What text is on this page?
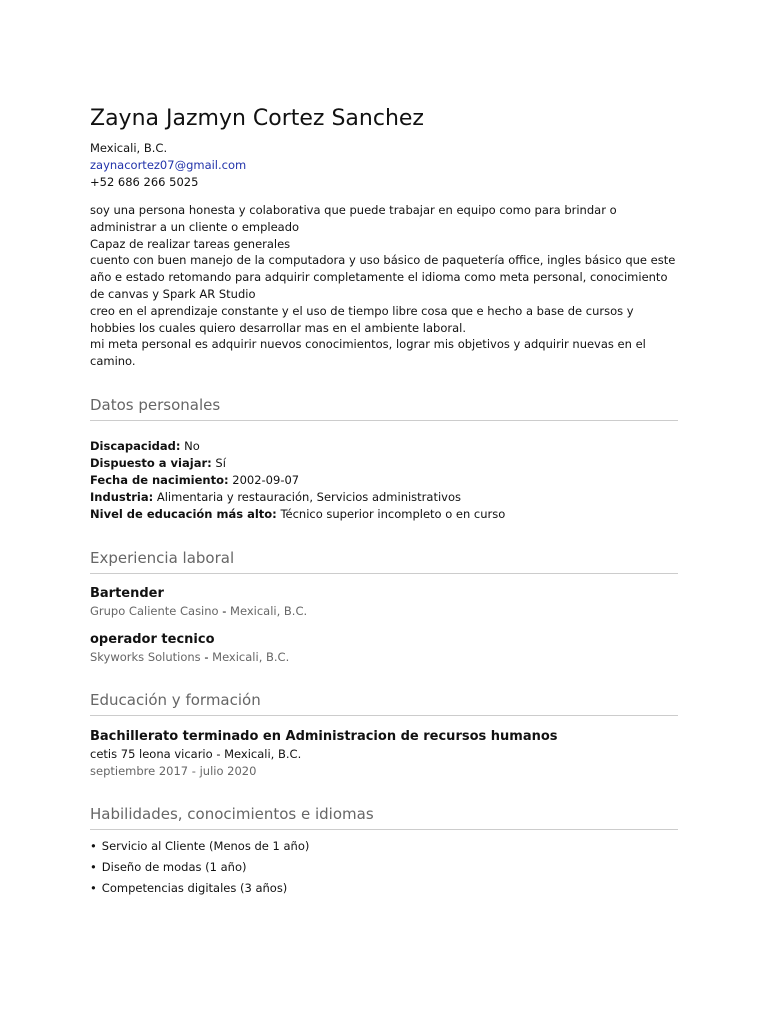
Zayna Jazmyn Cortez Sanchez
Mexicali, B.C.
zaynacortez07@gmail.com
+52 686 266 5025

soy una persona honesta y colaborativa que puede trabajar en equipo como para brindar o administrar a un cliente o empleado

Capaz de realizar tareas generales

cuento con buen manejo de la computadora y uso básico de paquetería office, ingles básico que este año e estado retomando para adquirir completamente el idioma como meta personal, conocimiento de canvas y Spark AR Studio

creo en el aprendizaje constante y el uso de tiempo libre cosa que e hecho a base de cursos y hobbies los cuales quiero desarrollar mas en el ambiente laboral.

mi meta personal es adquirir nuevos conocimientos, lograr mis objetivos y adquirir nuevas en el camino.

Datos personales
Discapacidad: No
Dispuesto a viajar: Sí
Fecha de nacimiento: 2002-09-07
Industria: Alimentaria y restauración, Servicios administrativos
Nivel de educación más alto: Técnico superior incompleto o en curso
Experiencia laboral
Bartender
Grupo Caliente Casino - Mexicali, B.C.
operador tecnico
Skyworks Solutions - Mexicali, B.C.
Educación y formación
Bachillerato terminado en Administracion de recursos humanos
cetis 75 leona vicario - Mexicali, B.C.
septiembre 2017 - julio 2020
Habilidades, conocimientos e idiomas
• Servicio al Cliente (Menos de 1 año)
• Diseño de modas (1 año)
• Competencias digitales (3 años)
